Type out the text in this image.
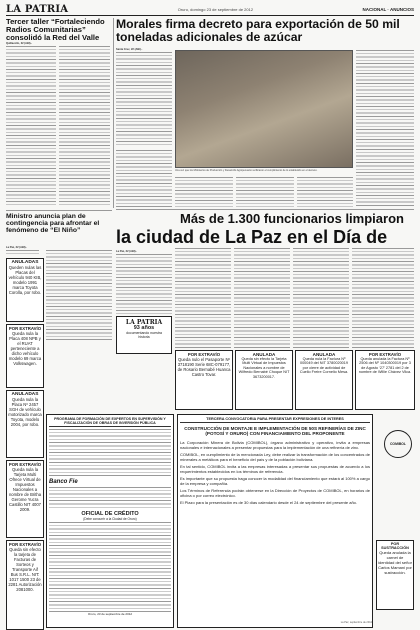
LA PATRIA	Oruro, domingo 23 de septiembre de 2012	NACIONAL · ANUNCIOS
Tercer taller “Fortaleciendo Radios Comunitarias” consolidó la Red del Valle
Quillacollo, 22 (ABI).-
Morales firma decreto para exportación de 50 mil toneladas adicionales de azúcar
Santa Cruz, 22 (ABI).-
Una vez que los Ministerios de Producción y Desarrollo Agropecuario verificaron el cumplimiento de lo establecido en el decreto.
Más de 1.300 funcionarios limpiaron
la ciudad de La Paz en el Día de
La Paz, 22 (ABI).-
Ministro anuncia plan de contingencia para afrontar el fenómeno de “El Niño”
La Paz, 22 (ABI).-
LA PATRIA
93 años
documentando nuestra
historia
ANULADAS
Queden nulas las Placas del vehículo 940 KIB, modelo 1991 marca Toyota Corolla, por robo.
POR EXTRAVÍO
Queda nula la Placa 408 NPB y el RUAT perteneciente a dicho vehículo modelo 69 marca Volkswagen.
ANULADAS
Queda nula la Placa Nº 2457 SGH de vehículo motorizado marca Toyota, modelo 2004, por robo.
POR EXTRAVÍO
Queda nula la Tarjeta Multi Ofrece Virtual de Impuestos Nacionales a nombre de Britha Gerome Yucra Castillo NIT 4007 2009.
POR EXTRAVÍO
Queda sin efecto la tarjeta de Facturas de Sorteos y Transporte Aif Bus S.R.L. NIT: 1017 1500 23 de 2281 Autorización 2081000.
POR EXTRAVÍO
Queda nulo el Pasaporte Nº 3718190 Serie 68C-079177, de Rosario Bernabé Huanca Castro Tovar.
ANULADA
Queda sin efecto la Tarjeta Multi Virtual de Impuestos Nacionales a nombre de Wilfredo Bernabé Choque NIT 3673200017.
ANULADA
Queda nula la Factura Nº 000049 del NIT 3780020019 por cierre de actividad de Cuello Freire Cornelio Mesa.
POR EXTRAVÍO
Queda anulada la Factura Nº 2506 del Nº 1040300019 por 3 de Agosto ‘27’ 2781 del 2 de nombre de Willie Chávez Vilca.
PROGRAMA DE FORMACIÓN DE EXPERTOS EN SUPERVISIÓN Y FISCALIZACIÓN DE OBRAS DE INVERSIÓN PÚBLICA
Banco Fie
OFICIAL DE CRÉDITO
(Debe concurrir a la Ciudad de Oruro)
Oruro, 23 de septiembre de 2012
TERCERA CONVOCATORIA PARA PRESENTAR EXPRESIONES DE INTERES
CONSTRUCCIÓN DE MONTAJE E IMPLEMENTACIÓN DE 50S REFINERÍAS DE ZINC (POTOSÍ Y ORURO) CON FINANCIAMIENTO DEL PROPONENTE
La Corporación Minera de Bolivia (COMIBOL), órgano administrativo y operativo, invita a empresas nacionales e internacionales a presentar propuestas para la implementación de una refinería de zinc.
COMIBOL, en cumplimiento de la mencionada Ley, debe realizar la transformación de los concentrados de minerales a metálicos para el beneficio del país y de la población boliviana.
En tal sentido, COMIBOL invita a las empresas interesadas a presentar sus propuestas de acuerdo a los requerimientos establecidos en los términos de referencia.
Es importante que su propuesta haga conocer la modalidad del financiamiento que estará al 100% a cargo de la empresa y compañía.
Los Términos de Referencia podrán obtenerse en la Dirección de Proyectos de COMIBOL, en horarios de oficina o por correo electrónico.
El Plazo para la presentación es de 30 días calendario desde el 24 de septiembre del presente año.
COMIBOL
POR SUSTRACCIÓN
Queda anulada la carnet de identidad del señor Carlos Mamani por sustracción.
La Paz, septiembre de 2012
